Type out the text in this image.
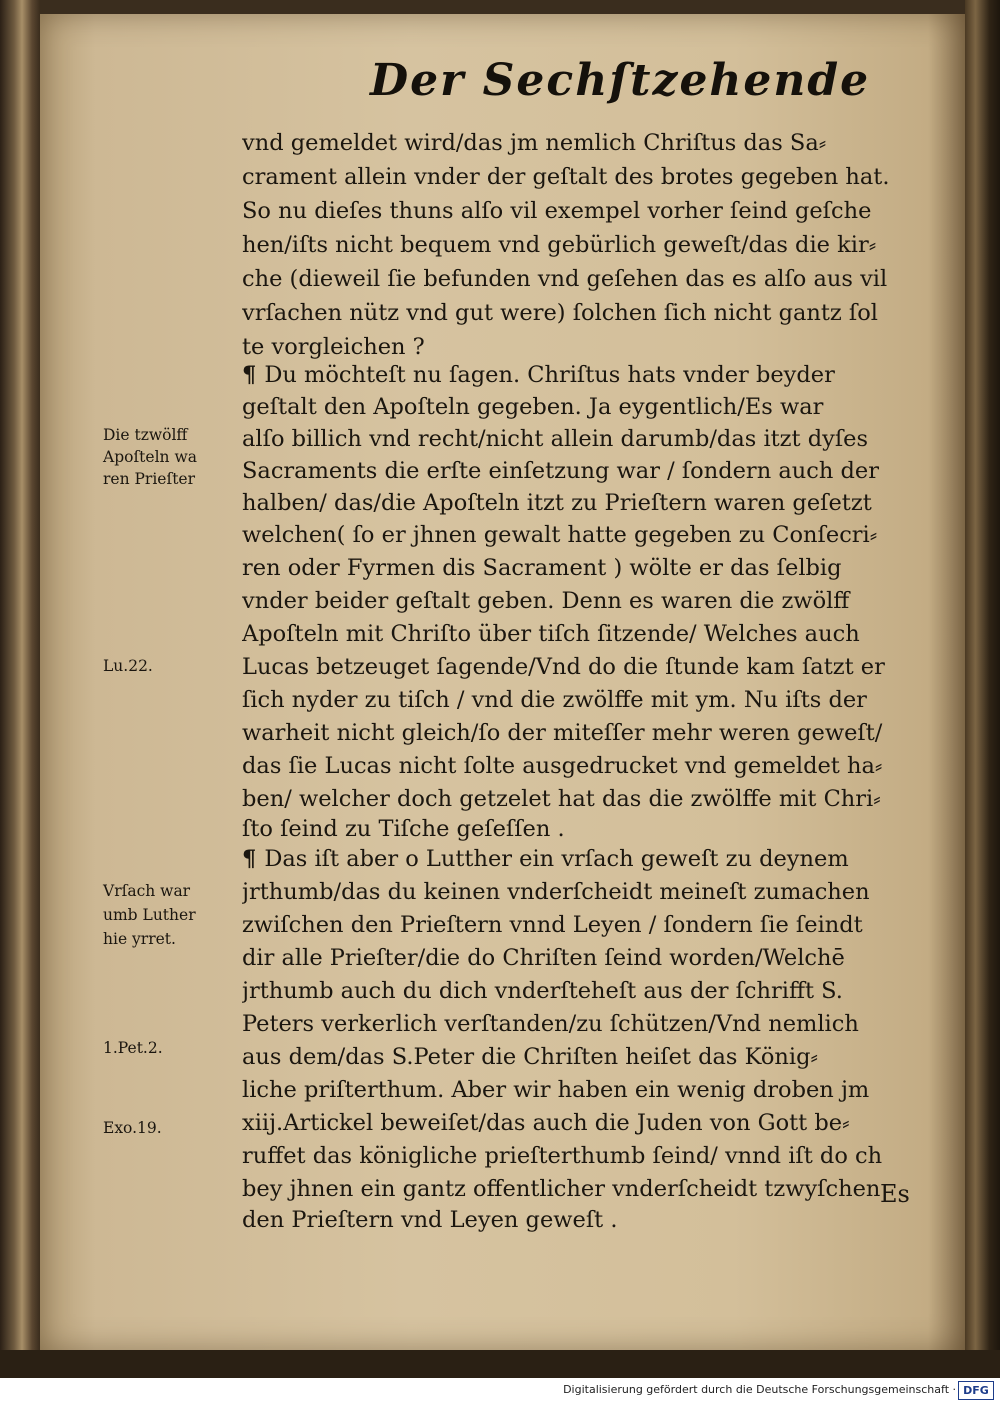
Der Sechſtzehende
vnd gemeldet wird/das jm nemlich Chriſtus das Sa⸗
crament allein vnder der geſtalt des brotes gegeben hat.
So nu dieſes thuns alſo vil exempel vorher ſeind geſche
hen/iſts nicht bequem vnd gebürlich geweſt/das die kir⸗
che (dieweil ſie befunden vnd geſehen das es alſo aus vil
vrſachen nütz vnd gut were) ſolchen ſich nicht gantz ſol
te vorgleichen ?
¶ Du möchteſt nu ſagen. Chriſtus hats vnder beyder
geſtalt den Apoſteln gegeben. Ja eygentlich/Es war
alſo billich vnd recht/nicht allein darumb/das itzt dyſes
Sacraments die erſte einſetzung war / ſondern auch der
halben/ das/die Apoſteln itzt zu Prieſtern waren geſetzt
welchen( ſo er jhnen gewalt hatte gegeben zu Conſecri⸗
ren oder Fyrmen dis Sacrament ) wölte er das ſelbig
vnder beider geſtalt geben. Denn es waren die zwölff
Apoſteln mit Chriſto über tiſch ſitzende/ Welches auch
Lucas betzeuget ſagende/Vnd do die ſtunde kam ſatzt er
ſich nyder zu tiſch / vnd die zwölffe mit ym. Nu iſts der
warheit nicht gleich/ſo der miteſſer mehr weren geweſt/
das ſie Lucas nicht ſolte ausgedrucket vnd gemeldet ha⸗
ben/ welcher doch getzelet hat das die zwölffe mit Chri⸗
ſto ſeind zu Tiſche geſeſſen .
¶ Das iſt aber o Lutther ein vrſach geweſt zu deynem
jrthumb/das du keinen vnderſcheidt meineſt zumachen
zwiſchen den Prieſtern vnnd Leyen / ſondern ſie ſeindt
dir alle Prieſter/die do Chriſten ſeind worden/Welchē
jrthumb auch du dich vnderſteheſt aus der ſchrifft S.
Peters verkerlich verſtanden/zu ſchützen/Vnd nemlich
aus dem/das S.Peter die Chriſten heiſet das König⸗
liche priſterthum. Aber wir haben ein wenig droben jm
xiij.Artickel beweiſet/das auch die Juden von Gott be⸗
ruffet das königliche prieſterthumb ſeind/ vnnd iſt do ch
bey jhnen ein gantz offentlicher vnderſcheidt tzwyſchen
den Prieſtern vnd Leyen geweſt .
Die tzwölff
Apoſteln wa
ren Prieſter
Lu.22.
Vrſach war
umb Luther
hie yrret.
1.Pet.2.
Exo.19.
Es
Digitalisierung gefördert durch die Deutsche Forschungsgemeinschaft · DFG
